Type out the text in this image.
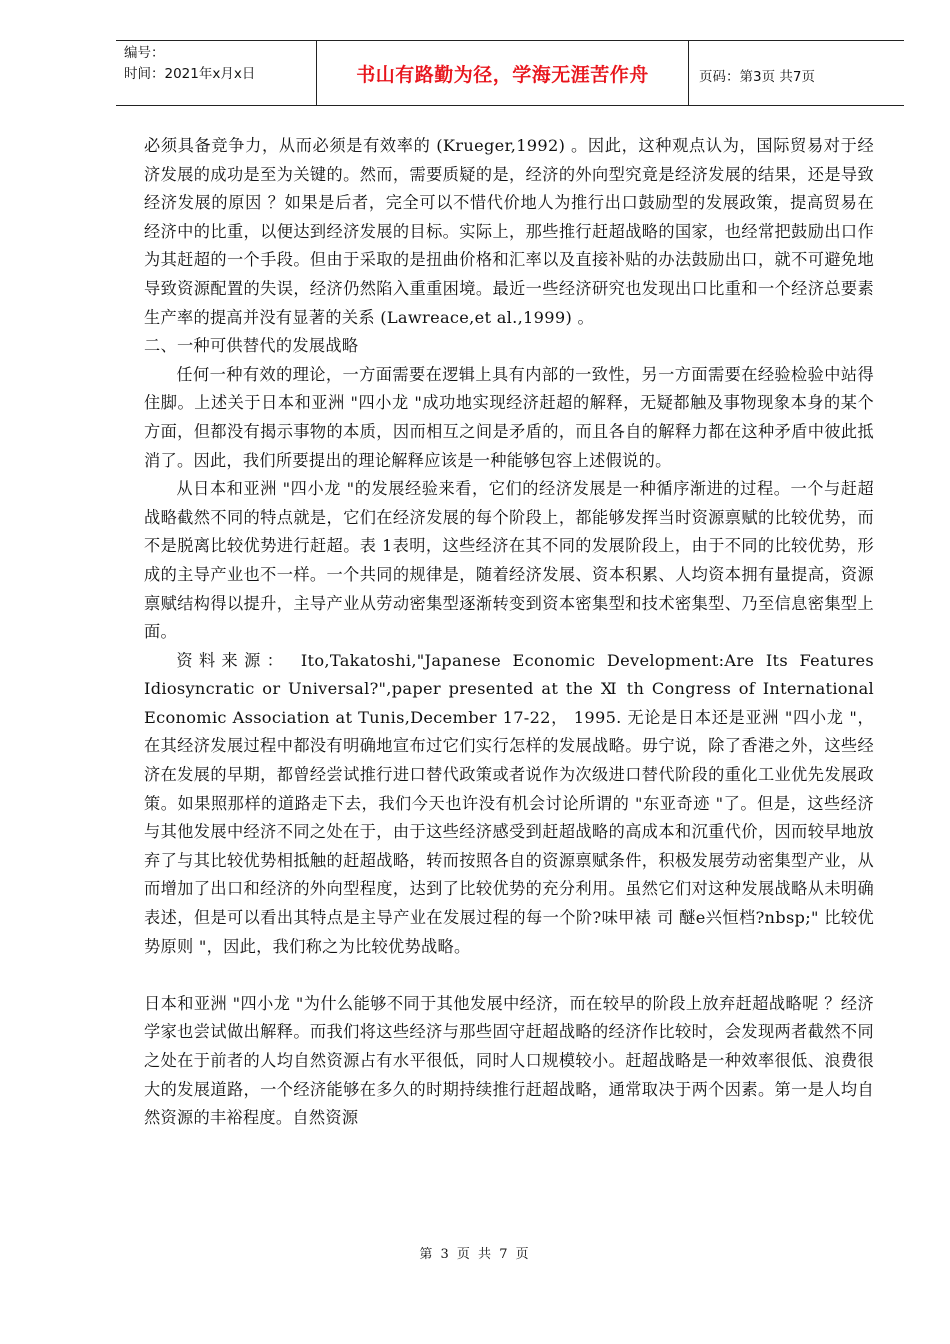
编号：
时间：2021年x月x日	书山有路勤为径，学海无涯苦作舟	页码：第3页 共7页

必须具备竞争力，从而必须是有效率的 (Krueger,1992) 。因此，这种观点认为，国际贸易对于经济发展的成功是至为关键的。然而，需要质疑的是，经济的外向型究竟是经济发展的结果，还是导致经济发展的原因 ？如果是后者，完全可以不惜代价地人为推行出口鼓励型的发展政策，提高贸易在经济中的比重，以便达到经济发展的目标。实际上，那些推行赶超战略的国家，也经常把鼓励出口作为其赶超的一个手段。但由于采取的是扭曲价格和汇率以及直接补贴的办法鼓励出口，就不可避免地导致资源配置的失误，经济仍然陷入重重困境。最近一些经济研究也发现出口比重和一个经济总要素生产率的提高并没有显著的关系 (Lawreace,et al.,1999) 。

二、一种可供替代的发展战略

任何一种有效的理论，一方面需要在逻辑上具有内部的一致性，另一方面需要在经验检验中站得住脚。上述关于日本和亚洲 "四小龙 "成功地实现经济赶超的解释，无疑都触及事物现象本身的某个方面，但都没有揭示事物的本质，因而相互之间是矛盾的，而且各自的解释力都在这种矛盾中彼此抵消了。因此，我们所要提出的理论解释应该是一种能够包容上述假说的。

从日本和亚洲 "四小龙 "的发展经验来看，它们的经济发展是一种循序渐进的过程。一个与赶超战略截然不同的特点就是，它们在经济发展的每个阶段上，都能够发挥当时资源禀赋的比较优势，而不是脱离比较优势进行赶超。表 1表明，这些经济在其不同的发展阶段上，由于不同的比较优势，形成的主导产业也不一样。一个共同的规律是，随着经济发展、资本积累、人均资本拥有量提高，资源禀赋结构得以提升，主导产业从劳动密集型逐渐转变到资本密集型和技术密集型、乃至信息密集型上面。

资料来源： Ito,Takatoshi,"Japanese Economic Development:Are Its Features Idiosyncratic or Universal?",paper presented at the Ⅺ th Congress of International Economic Association at Tunis,December 17-22， 1995. 无论是日本还是亚洲 "四小龙 "，在其经济发展过程中都没有明确地宣布过它们实行怎样的发展战略。毋宁说，除了香港之外，这些经济在发展的早期，都曾经尝试推行进口替代政策或者说作为次级进口替代阶段的重化工业优先发展政策。如果照那样的道路走下去，我们今天也许没有机会讨论所谓的 "东亚奇迹 "了。但是，这些经济与其他发展中经济不同之处在于，由于这些经济感受到赶超战略的高成本和沉重代价，因而较早地放弃了与其比较优势相抵触的赶超战略，转而按照各自的资源禀赋条件，积极发展劳动密集型产业，从而增加了出口和经济的外向型程度，达到了比较优势的充分利用。虽然它们对这种发展战略从未明确表述，但是可以看出其特点是主导产业在发展过程的每一个阶?味甲裱 司 醚e兴恒档?nbsp;" 比较优势原则 "，因此，我们称之为比较优势战略。

日本和亚洲 "四小龙 "为什么能够不同于其他发展中经济，而在较早的阶段上放弃赶超战略呢 ？经济学家也尝试做出解释。而我们将这些经济与那些固守赶超战略的经济作比较时，会发现两者截然不同之处在于前者的人均自然资源占有水平很低，同时人口规模较小。赶超战略是一种效率很低、浪费很大的发展道路，一个经济能够在多久的时期持续推行赶超战略，通常取决于两个因素。第一是人均自然资源的丰裕程度。自然资源

第 3 页 共 7 页
